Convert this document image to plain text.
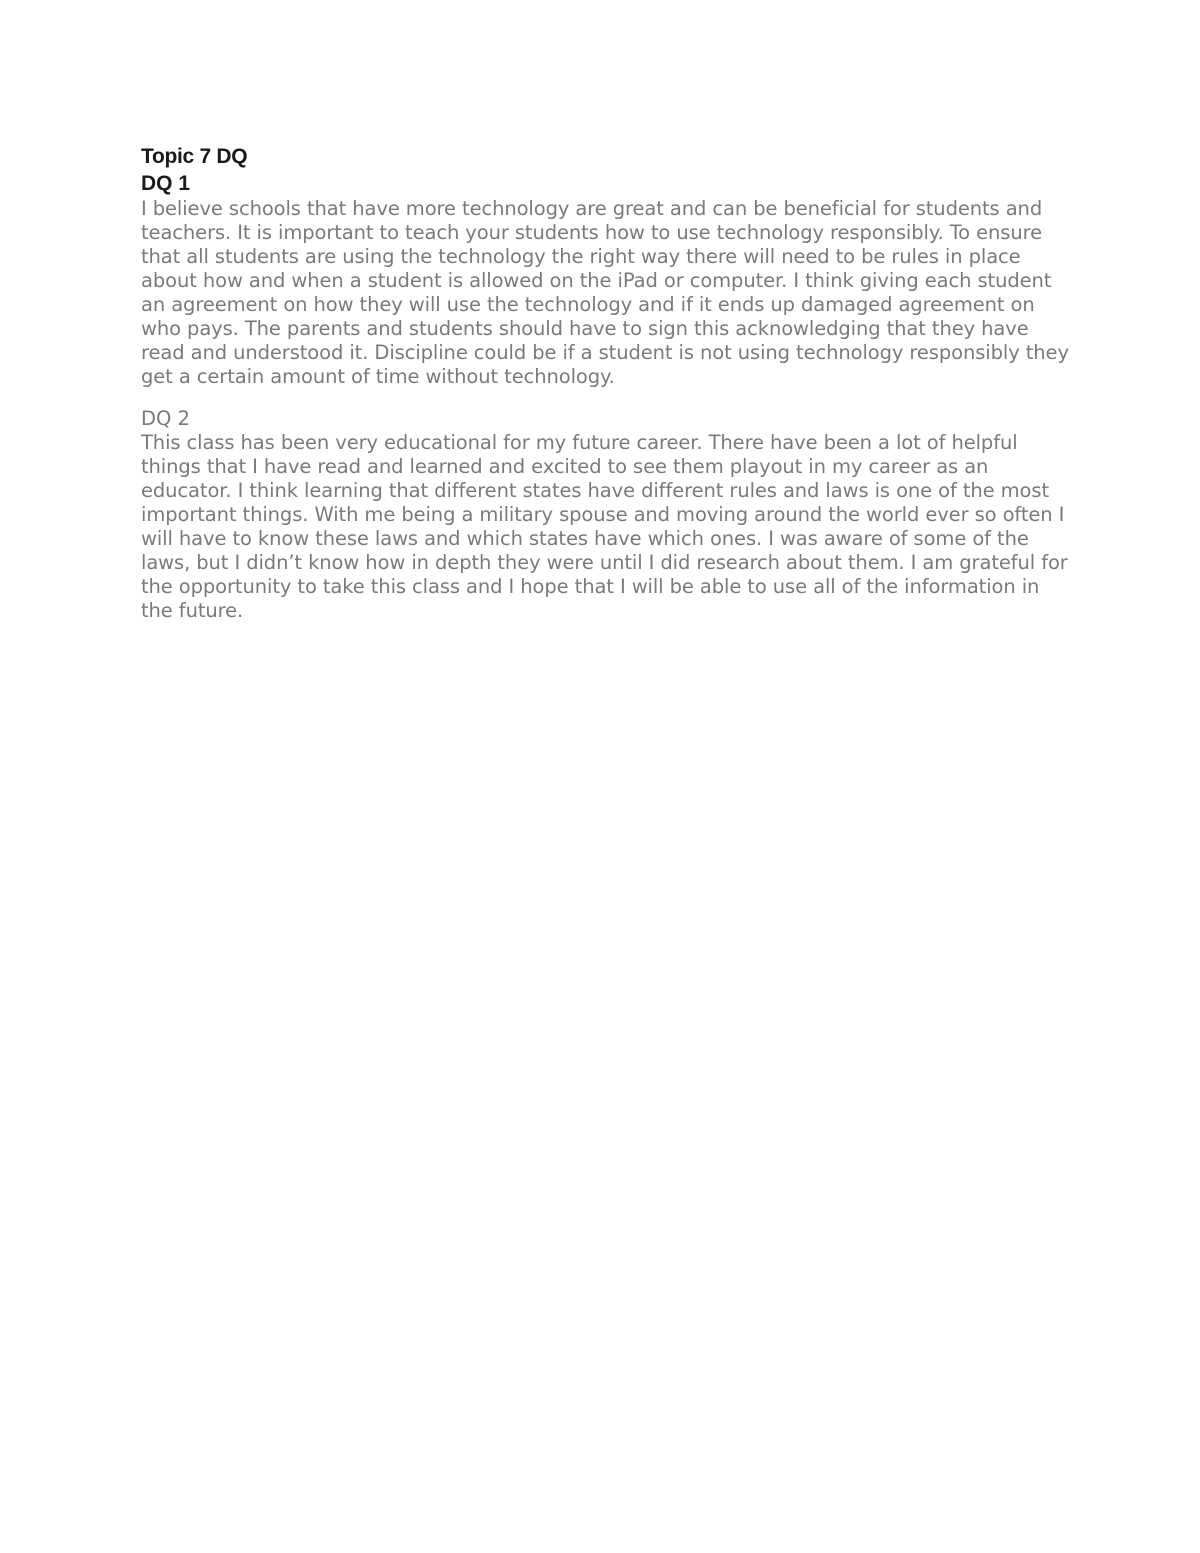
Topic 7 DQ

DQ 1

I believe schools that have more technology are great and can be beneficial for students and teachers. It is important to teach your students how to use technology responsibly. To ensure that all students are using the technology the right way there will need to be rules in place about how and when a student is allowed on the iPad or computer. I think giving each student an agreement on how they will use the technology and if it ends up damaged agreement on who pays. The parents and students should have to sign this acknowledging that they have read and understood it. Discipline could be if a student is not using technology responsibly they get a certain amount of time without technology.

DQ 2

This class has been very educational for my future career. There have been a lot of helpful things that I have read and learned and excited to see them playout in my career as an educator. I think learning that different states have different rules and laws is one of the most important things. With me being a military spouse and moving around the world ever so often I will have to know these laws and which states have which ones. I was aware of some of the laws, but I didn’t know how in depth they were until I did research about them. I am grateful for the opportunity to take this class and I hope that I will be able to use all of the information in the future.
